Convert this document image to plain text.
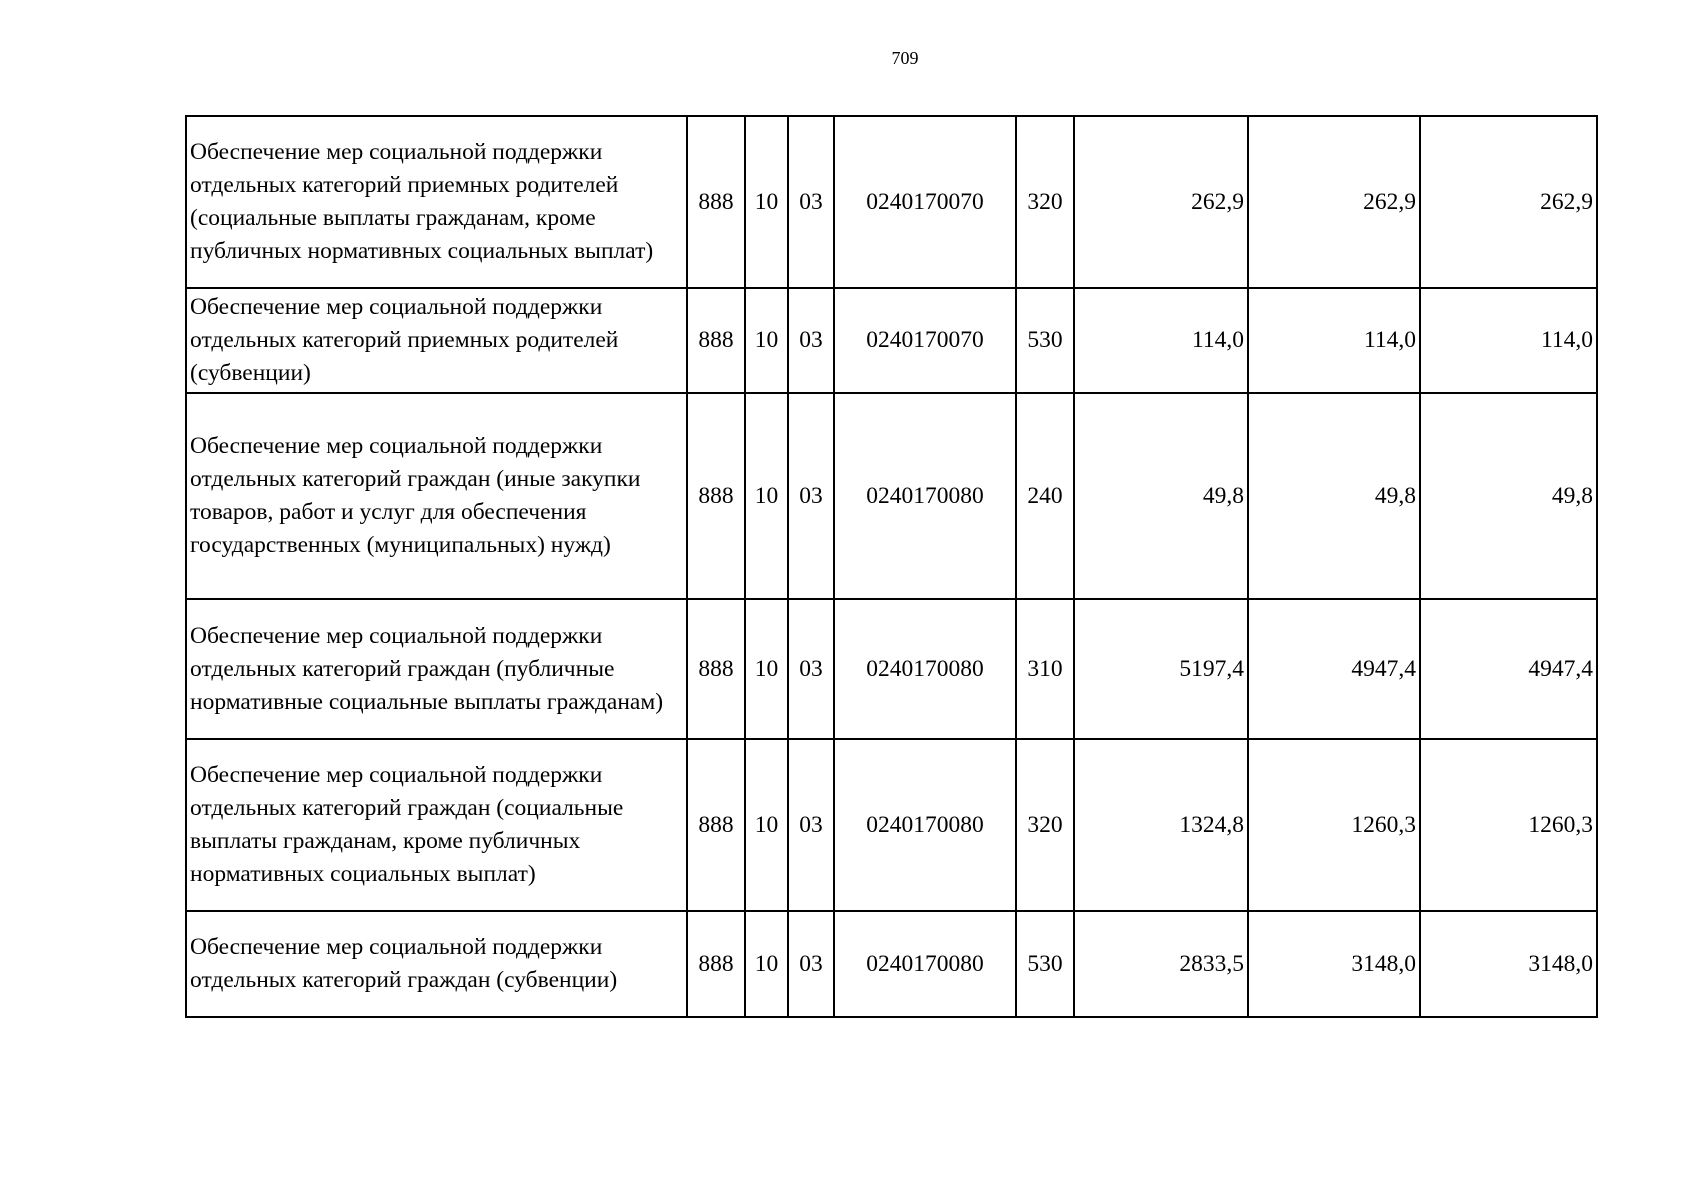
709
Обеспечение мер социальной поддержки отдельных категорий приемных родителей (социальные выплаты гражданам, кроме публичных нормативных социальных выплат)	888	10	03	0240170070	320	262,9	262,9	262,9
Обеспечение мер социальной поддержки отдельных категорий приемных родителей (субвенции)	888	10	03	0240170070	530	114,0	114,0	114,0
Обеспечение мер социальной поддержки отдельных категорий граждан (иные закупки товаров, работ и услуг для обеспечения государственных (муниципальных) нужд)	888	10	03	0240170080	240	49,8	49,8	49,8
Обеспечение мер социальной поддержки отдельных категорий граждан (публичные нормативные социальные выплаты гражданам)	888	10	03	0240170080	310	5197,4	4947,4	4947,4
Обеспечение мер социальной поддержки отдельных категорий граждан (социальные выплаты гражданам, кроме публичных нормативных социальных выплат)	888	10	03	0240170080	320	1324,8	1260,3	1260,3
Обеспечение мер социальной поддержки отдельных категорий граждан (субвенции)	888	10	03	0240170080	530	2833,5	3148,0	3148,0
